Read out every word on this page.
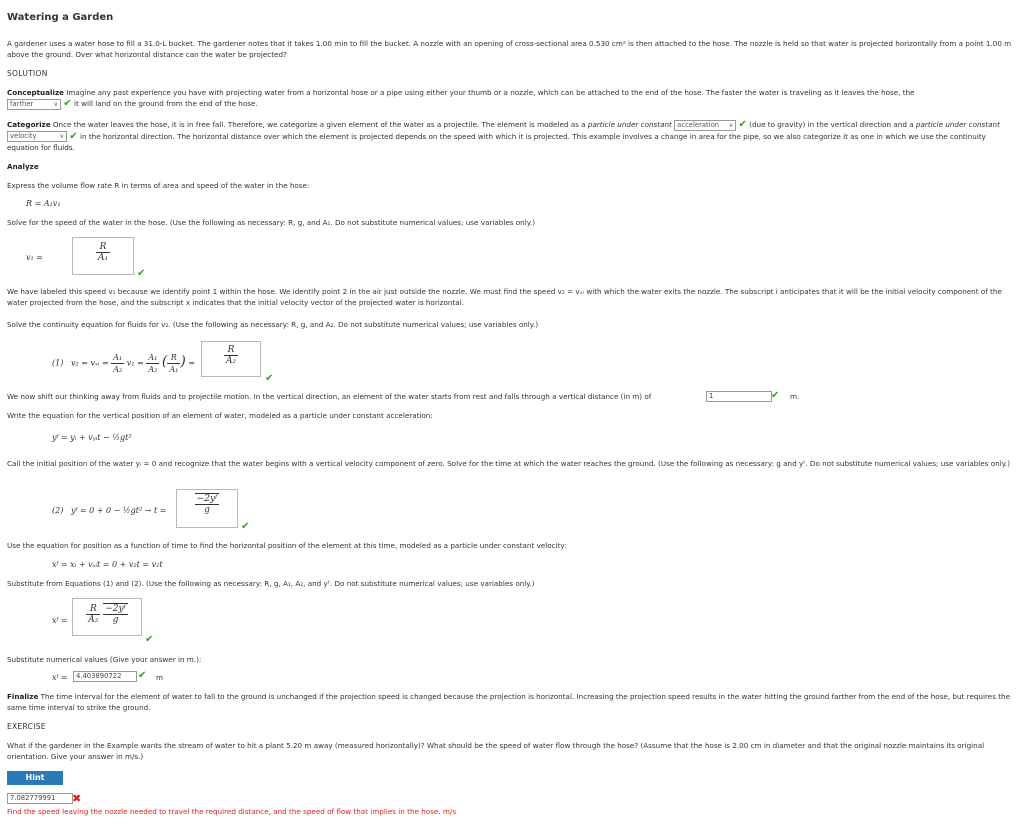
Watering a Garden
A gardener uses a water hose to fill a 31.0-L bucket. The gardener notes that it takes 1.00 min to fill the bucket. A nozzle with an opening of cross-sectional area 0.530 cm² is then attached to the hose. The nozzle is held so that water is projected horizontally from a point 1.00 m above the ground. Over what horizontal distance can the water be projected?
SOLUTION
Conceptualize Imagine any past experience you have with projecting water from a horizontal hose or a pipe using either your thumb or a nozzle, which can be attached to the end of the hose. The faster the water is traveling as it leaves the hose, the
farther	∨ ✔ it will land on the ground from the end of the hose.
Categorize Once the water leaves the hose, it is in free fall. Therefore, we categorize a given element of the water as a projectile. The element is modeled as a particle under constant acceleration ∨ ✔ (due to gravity) in the vertical direction and a particle under constant velocity	∨ ✔ in the horizontal direction. The horizontal distance over which the element is projected depends on the speed with which it is projected. This example involves a change in area for the pipe, so we also categorize it as one in which we use the continuity equation for fluids.
Analyze
Express the volume flow rate R in terms of area and speed of the water in the hose:
R = A₁v₁
Solve for the speed of the water in the hose. (Use the following as necessary: R, g, and A₁. Do not substitute numerical values; use variables only.)
v₁ =	$\frac{R}{\text{A₁}}$
✔
We have labeled this speed v₁ because we identify point 1 within the hose. We identify point 2 in the air just outside the nozzle. We must find the speed v₂ = vₓᵢ with which the water exits the nozzle. The subscript i anticipates that it will be the initial velocity component of the water projected from the hose, and the subscript x indicates that the initial velocity vector of the projected water is horizontal.
Solve the continuity equation for fluids for v₂. (Use the following as necessary: R, g, and A₂. Do not substitute numerical values; use variables only.)
(1) v₂ = vₓᵢ = $\frac{\text{A₁}}{\text{A₂}} v_1 = \frac{\text{A₁}}{\text{A₂}}$ ( $\frac{R}{\text{A₁}}$ ) =	$\frac{R}{\text{A₂}}$
✔
We now shift our thinking away from fluids and to projectile motion. In the vertical direction, an element of the water starts from rest and falls through a vertical distance (in m) of	1	✔ m.
Write the equation for the vertical position of an element of water, modeled as a particle under constant acceleration:
yᶠ = yᵢ + vᵧᵢt − ½gt²
Call the initial position of the water yᵢ = 0 and recognize that the water begins with a vertical velocity component of zero. Solve for the time at which the water reaches the ground. (Use the following as necessary: g and yᶠ. Do not substitute numerical values; use variables only.)
(2) yᶠ = 0 + 0 − ½gt² → t =	$\frac{\text{−2yᶠ}}{g}$
✔
Use the equation for position as a function of time to find the horizontal position of the element at this time, modeled as a particle under constant velocity:
xᶠ = xᵢ + vₓᵢt = 0 + v₂t = v₂t
Substitute from Equations (1) and (2). (Use the following as necessary: R, g, A₁, A₂, and yᶠ. Do not substitute numerical values; use variables only.)
xᶠ =	$\frac{R}{\text{A₂}}$
$\frac{\text{−2yᶠ}}{g}$
✔
Substitute numerical values (Give your answer in m.):
xᶠ =	4.403890722	✔ m
Finalize The time interval for the element of water to fall to the ground is unchanged if the projection speed is changed because the projection is horizontal. Increasing the projection speed results in the water hitting the ground farther from the end of the hose, but requires the same time interval to strike the ground.
EXERCISE
What if the gardener in the Example wants the stream of water to hit a plant 5.20 m away (measured horizontally)? What should be the speed of water flow through the hose? (Assume that the hose is 2.00 cm in diameter and that the original nozzle maintains its original orientation. Give your answer in m/s.)
Hint
7.082779991	✖
Find the speed leaving the nozzle needed to travel the required distance, and the speed of flow that implies in the hose. m/s
